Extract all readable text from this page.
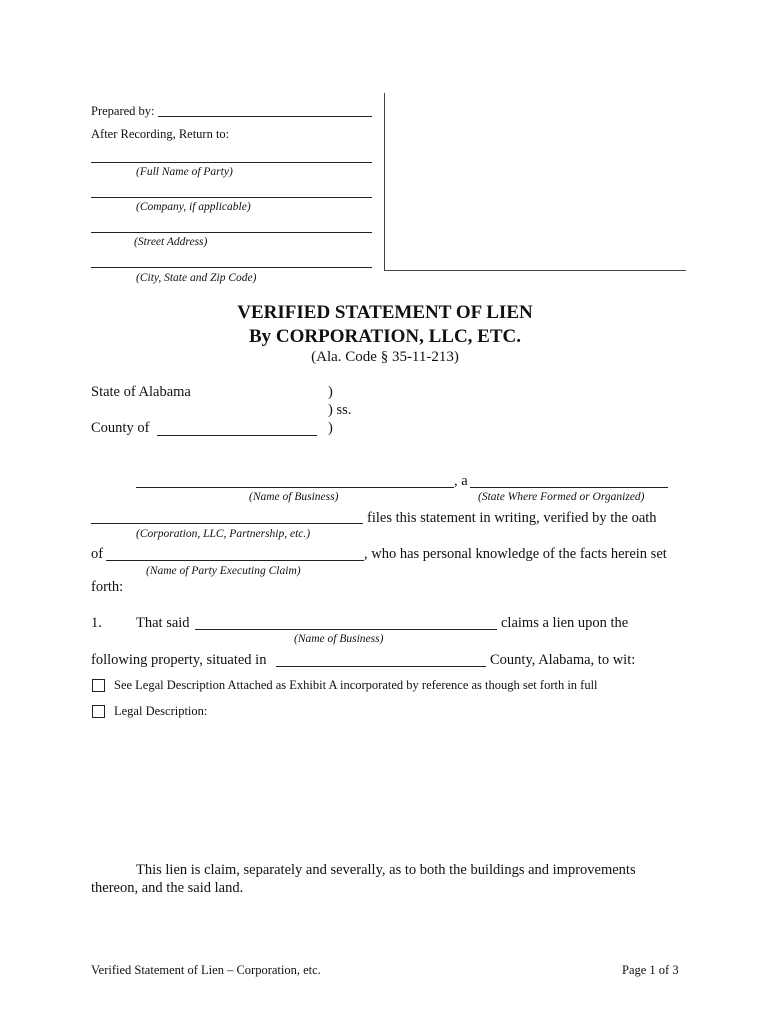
Prepared by:
After Recording, Return to:
(Full Name of Party)
(Company, if applicable)
(Street Address)
(City, State and Zip Code)
VERIFIED STATEMENT OF LIEN
By CORPORATION, LLC, ETC.
(Ala. Code § 35-11-213)
State of Alabama	)
) ss.
County of	)
, a
(Name of Business)	(State Where Formed or Organized)
files this statement in writing, verified by the oath
(Corporation, LLC, Partnership, etc.)
of	, who has personal knowledge of the facts herein set
(Name of Party Executing Claim)
forth:
1. That said	claims a lien upon the
(Name of Business)
following property, situated in	County, Alabama, to wit:
See Legal Description Attached as Exhibit A incorporated by reference as though set forth in full
Legal Description:
This lien is claim, separately and severally, as to both the buildings and improvements
thereon, and the said land.
Verified Statement of Lien – Corporation, etc.	Page 1 of 3
